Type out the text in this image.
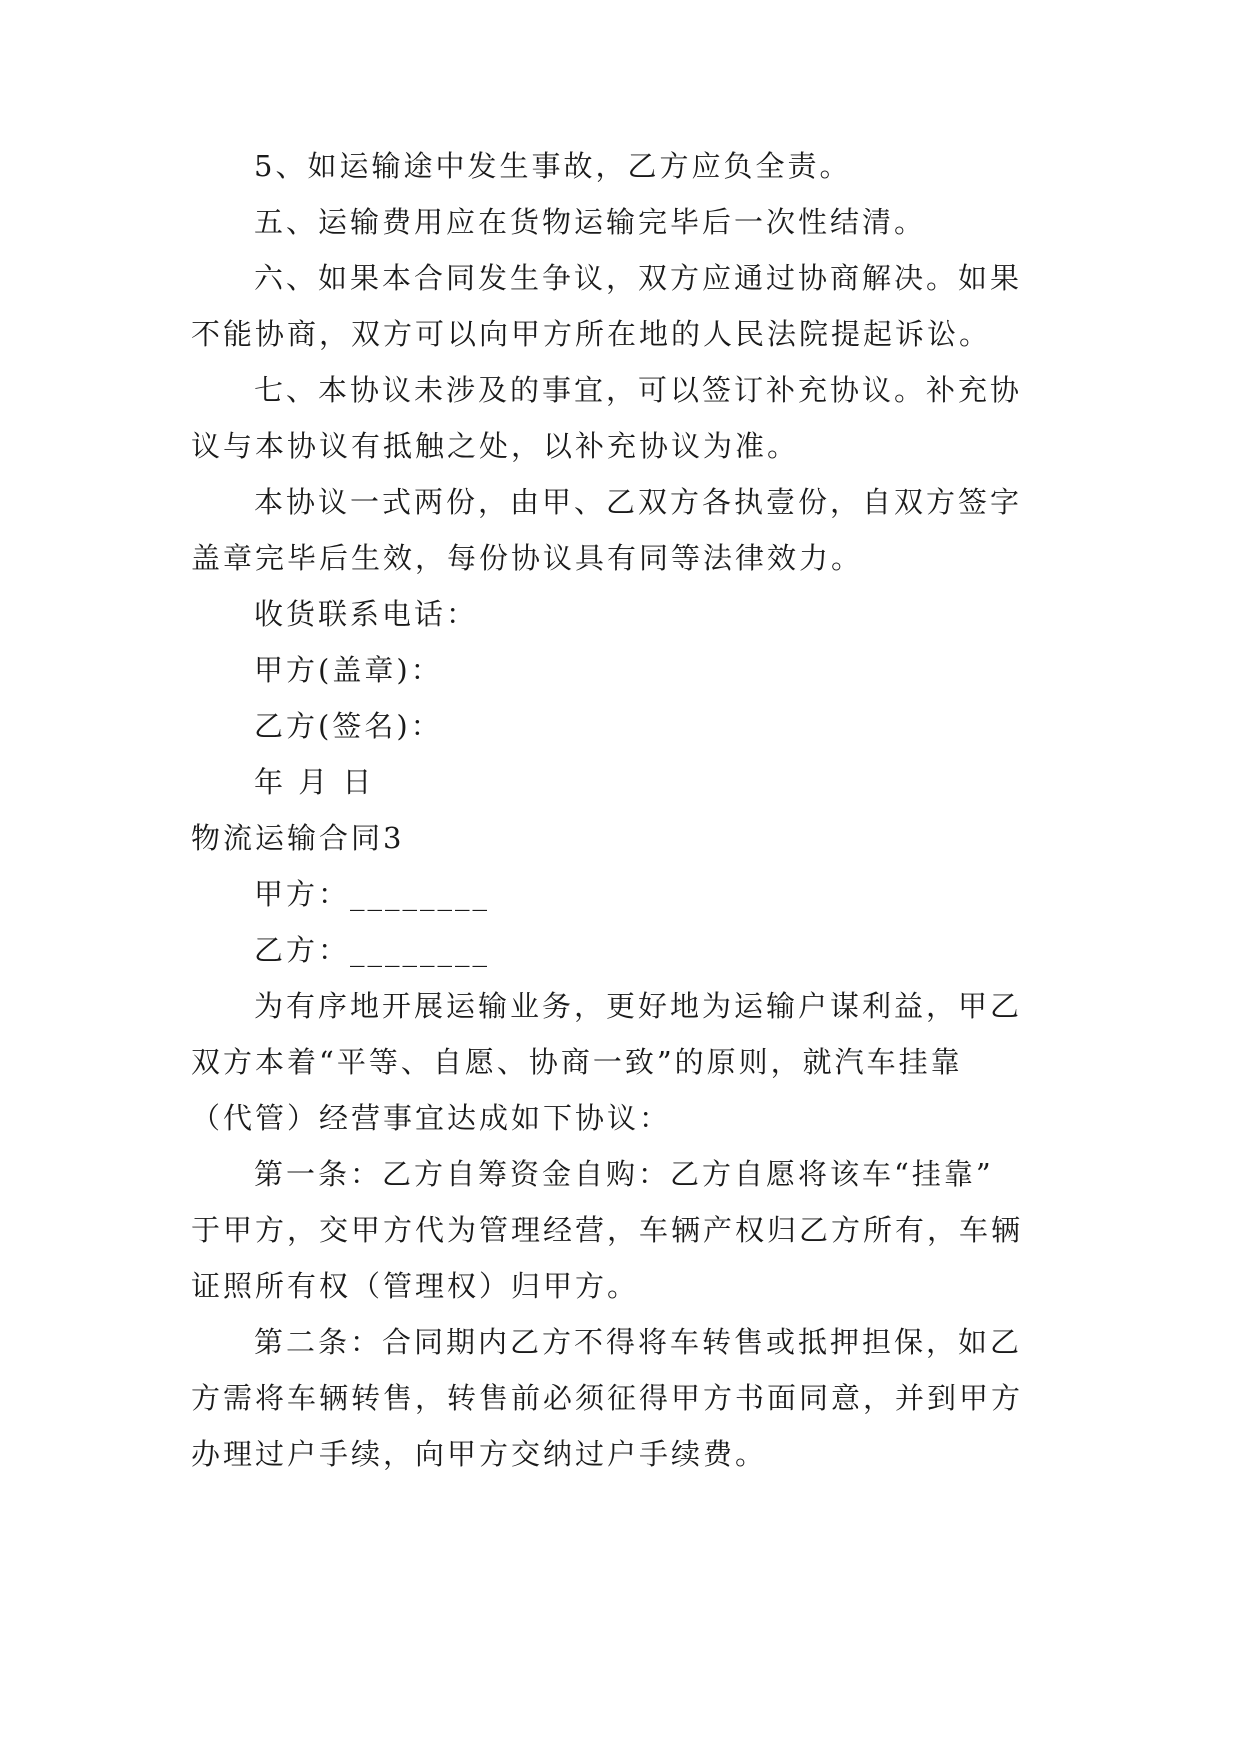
5、如运输途中发生事故，乙方应负全责。
五、运输费用应在货物运输完毕后一次性结清。
六、如果本合同发生争议，双方应通过协商解决。如果
不能协商，双方可以向甲方所在地的人民法院提起诉讼。
七、本协议未涉及的事宜，可以签订补充协议。补充协
议与本协议有抵触之处，以补充协议为准。
本协议一式两份，由甲、乙双方各执壹份，自双方签字
盖章完毕后生效，每份协议具有同等法律效力。
收货联系电话：
甲方(盖章)：
乙方(签名)：
年 月 日
物流运输合同3
甲方：________
乙方：________
为有序地开展运输业务，更好地为运输户谋利益，甲乙
双方本着“平等、自愿、协商一致”的原则，就汽车挂靠
（代管）经营事宜达成如下协议：
第一条：乙方自筹资金自购：乙方自愿将该车“挂靠”
于甲方，交甲方代为管理经营，车辆产权归乙方所有，车辆
证照所有权（管理权）归甲方。
第二条：合同期内乙方不得将车转售或抵押担保，如乙
方需将车辆转售，转售前必须征得甲方书面同意，并到甲方
办理过户手续，向甲方交纳过户手续费。
